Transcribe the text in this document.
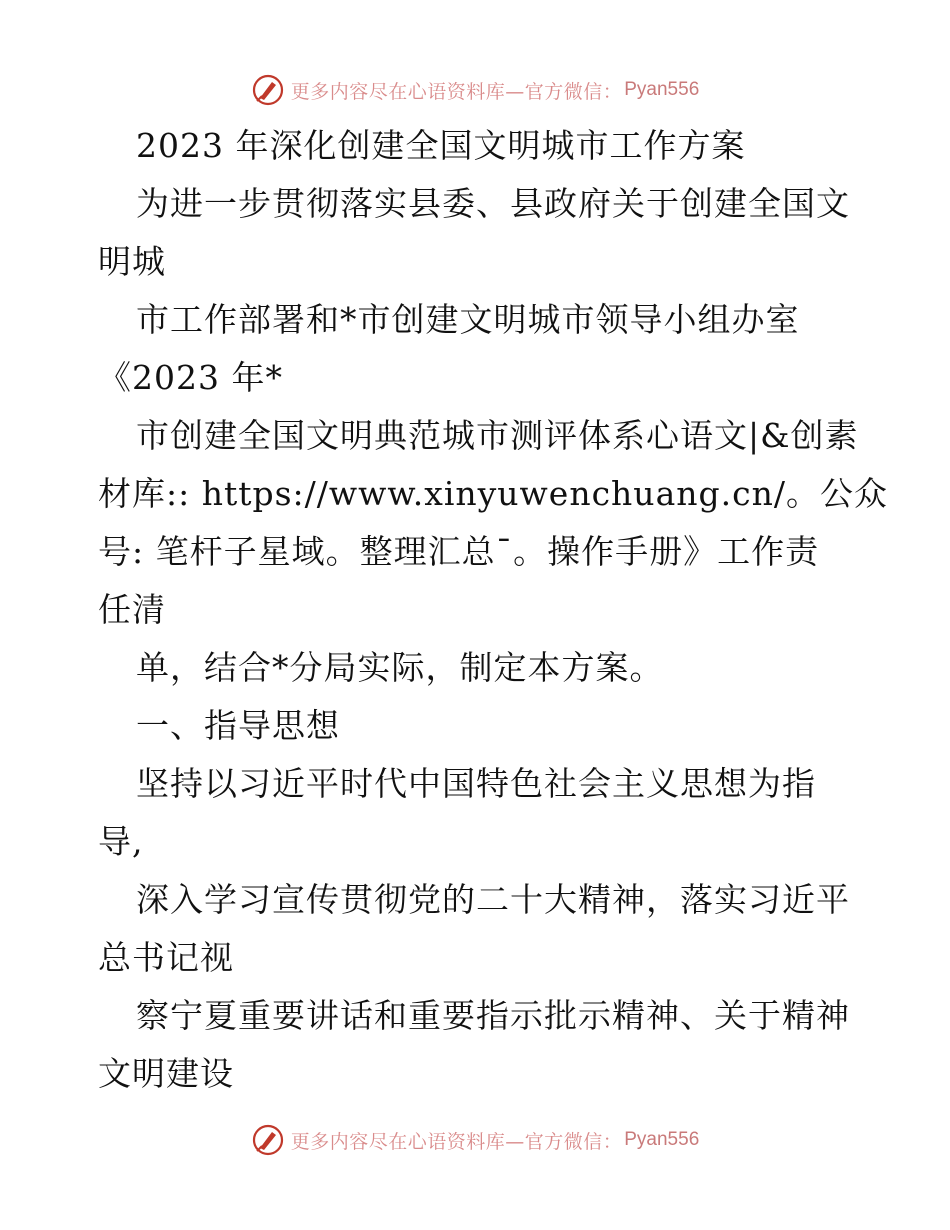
更多内容尽在心语资料库—官方微信： Pyan556
2023 年深化创建全国文明城市工作方案
为进一步贯彻落实县委、县政府关于创建全国文
明城
市工作部署和*市创建文明城市领导小组办室
《2023 年*
市创建全国文明典范城市测评体系心语文|&创素
材库:: https://www.xinyuwenchuang.cn/。公众
号: 笔杆子星域。整理汇总¯。操作手册》工作责
任清
单，结合*分局实际，制定本方案。
一、指导思想
坚持以习近平时代中国特色社会主义思想为指
导,
深入学习宣传贯彻党的二十大精神，落实习近平
总书记视
察宁夏重要讲话和重要指示批示精神、关于精神
文明建设
更多内容尽在心语资料库—官方微信： Pyan556
